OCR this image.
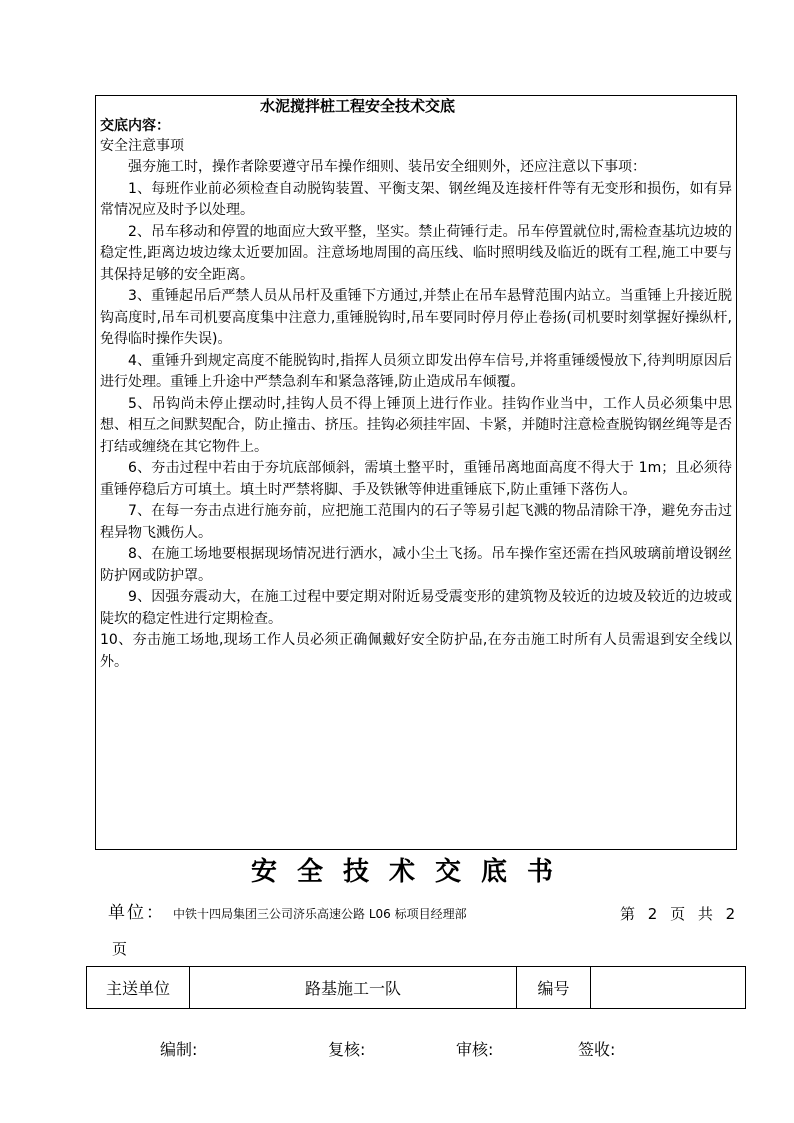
水泥搅拌桩工程安全技术交底
交底内容：
安全注意事项

强夯施工时，操作者除要遵守吊车操作细则、装吊安全细则外，还应注意以下事项：

1、每班作业前必须检查自动脱钩装置、平衡支架、钢丝绳及连接杆件等有无变形和损伤，如有异常情况应及时予以处理。

2、吊车移动和停置的地面应大致平整，坚实。禁止荷锤行走。吊车停置就位时,需检查基坑边坡的稳定性,距离边坡边缘太近要加固。注意场地周围的高压线、临时照明线及临近的既有工程,施工中要与其保持足够的安全距离。

3、重锤起吊后严禁人员从吊杆及重锤下方通过,并禁止在吊车悬臂范围内站立。当重锤上升接近脱钩高度时,吊车司机要高度集中注意力,重锤脱钩时,吊车要同时停月停止卷扬(司机要时刻掌握好操纵杆,免得临时操作失误)。

4、重锤升到规定高度不能脱钩时,指挥人员须立即发出停车信号,并将重锤缓慢放下,待判明原因后进行处理。重锤上升途中严禁急刹车和紧急落锤,防止造成吊车倾覆。

5、吊钩尚未停止摆动时,挂钩人员不得上锤顶上进行作业。挂钩作业当中，工作人员必须集中思想、相互之间默契配合，防止撞击、挤压。挂钩必须挂牢固、卡紧，并随时注意检查脱钩钢丝绳等是否打结或缠绕在其它物件上。

6、夯击过程中若由于夯坑底部倾斜，需填土整平时，重锤吊离地面高度不得大于 1m；且必须待重锤停稳后方可填土。填土时严禁将脚、手及铁锹等伸进重锤底下,防止重锤下落伤人。

7、在每一夯击点进行施夯前，应把施工范围内的石子等易引起飞溅的物品清除干净，避免夯击过程异物飞溅伤人。

8、在施工场地要根据现场情况进行洒水，减小尘土飞扬。吊车操作室还需在挡风玻璃前增设钢丝防护网或防护罩。

9、因强夯震动大，在施工过程中要定期对附近易受震变形的建筑物及较近的边坡及较近的边坡或陡坎的稳定性进行定期检查。

10、夯击施工场地,现场工作人员必须正确佩戴好安全防护品,在夯击施工时所有人员需退到安全线以外。

安全技术交底书
单位： 中铁十四局集团三公司济乐高速公路 L06 标项目经理部	第 2 页 共 2
页
主送单位	路基施工一队	编号	
编制:	复核:	审核:	签收:
